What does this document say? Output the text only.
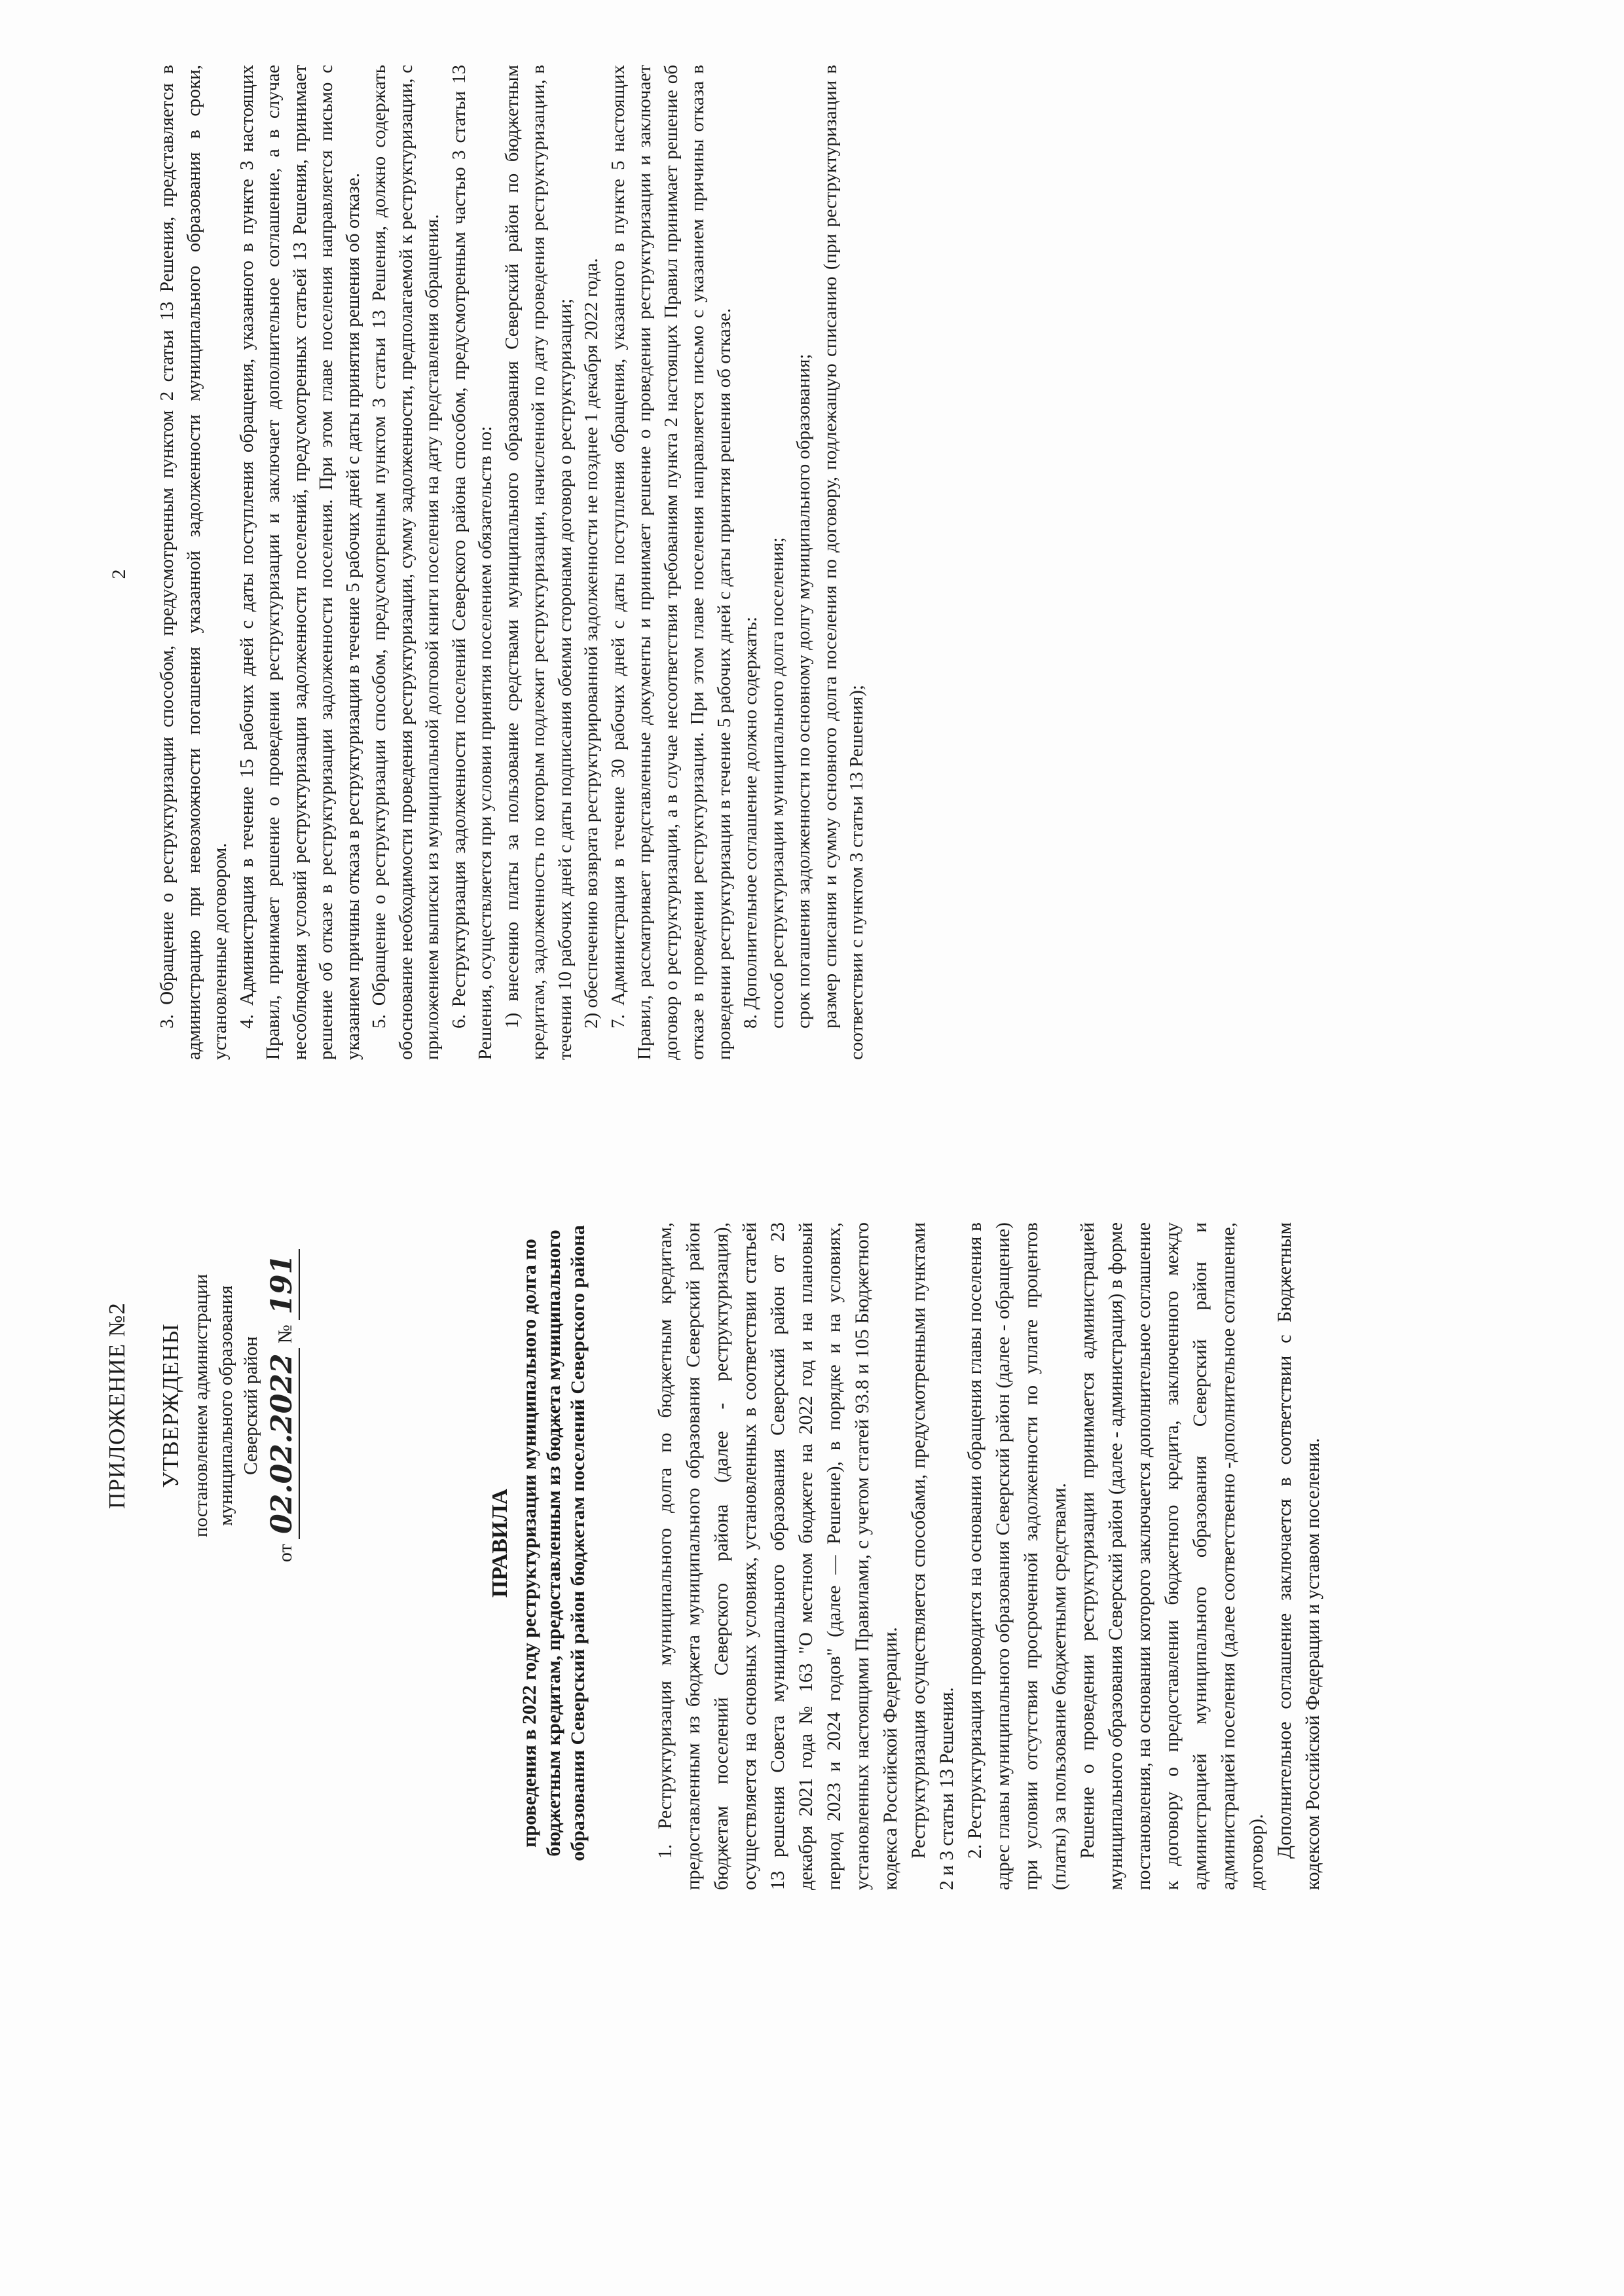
ПРИЛОЖЕНИЕ №2 УТВЕРЖДЕНЫ постановлением администрации муниципального образования Северский район
от 02.02.2022 № 191
ПРАВИЛА проведения в 2022 году реструктуризации муниципального долга по бюджетным кредитам, предоставленным из бюджета муниципального образования Северский район бюджетам поселений Северского района	1. Реструктуризация муниципального долга по бюджетным кредитам, предоставленным из бюджета муниципального образования Северский район бюджетам поселений Северского района (далее - реструктуризация), осуществляется на основных условиях, установленных в соответствии статьей 13 решения Совета муниципального образования Северский район от 23 декабря 2021 года № 163 "О местном бюджете на 2022 год и на плановый период 2023 и 2024 годов" (далее — Решение), в порядке и на условиях, установленных настоящими Правилами, с учетом статей 93.8 и 105 Бюджетного кодекса Российской Федерации. Реструктуризация осуществляется способами, предусмотренными пунктами 2 и 3 статьи 13 Решения. 2. Реструктуризация проводится на основании обращения главы поселения в адрес главы муниципального образования Северский район (далее - обращение) при условии отсутствия просроченной задолженности по уплате процентов (платы) за пользование бюджетными средствами. Решение о проведении реструктуризации принимается администрацией муниципального образования Северский район (далее - администрация) в форме постановления, на основании которого заключается дополнительное соглашение к договору о предоставлении бюджетного кредита, заключенного между администрацией муниципального образования Северский район и администрацией поселения (далее соответственно -дополнительное соглашение, договор). Дополнительное соглашение заключается в соответствии с Бюджетным кодексом Российской Федерации и уставом поселения.

2 3. Обращение о реструктуризации способом, предусмотренным пунктом 2 статьи 13 Решения, представляется в администрацию при невозможности погашения указанной задолженности муниципального образования в сроки, установленные договором. 4. Администрация в течение 15 рабочих дней с даты поступления обращения, указанного в пункте 3 настоящих Правил, принимает решение о проведении реструктуризации и заключает дополнительное соглашение, а в случае несоблюдения условий реструктуризации задолженности поселений, предусмотренных статьей 13 Решения, принимает решение об отказе в реструктуризации задолженности поселения. При этом главе поселения направляется письмо с указанием причины отказа в реструктуризации в течение 5 рабочих дней с даты принятия решения об отказе. 5. Обращение о реструктуризации способом, предусмотренным пунктом 3 статьи 13 Решения, должно содержать обоснование необходимости проведения реструктуризации, сумму задолженности, предполагаемой к реструктуризации, с приложением выписки из муниципальной долговой книги поселения на дату представления обращения. 6. Реструктуризация задолженности поселений Северского района способом, предусмотренным частью 3 статьи 13 Решения, осуществляется при условии принятия поселением обязательств по: 1) внесению платы за пользование средствами муниципального образования Северский район по бюджетным кредитам, задолженность по которым подлежит реструктуризации, начисленной по дату проведения реструктуризации, в течении 10 рабочих дней с даты подписания обеими сторонами договора о реструктуризации; 2) обеспечению возврата реструктурированной задолженности не позднее 1 декабря 2022 года. 7. Администрация в течение 30 рабочих дней с даты поступления обращения, указанного в пункте 5 настоящих Правил, рассматривает представленные документы и принимает решение о проведении реструктуризации и заключает договор о реструктуризации, а в случае несоответствия требованиям пункта 2 настоящих Правил принимает решение об отказе в проведении реструктуризации. При этом главе поселения направляется письмо с указанием причины отказа в проведении реструктуризации в течение 5 рабочих дней с даты принятия решения об отказе. 8. Дополнительное соглашение должно содержать: способ реструктуризации муниципального долга поселения; срок погашения задолженности по основному долгу муниципального образования; размер списания и сумму основного долга поселения по договору, подлежащую списанию (при реструктуризации в соответствии с пунктом 3 статьи 13 Решения);
